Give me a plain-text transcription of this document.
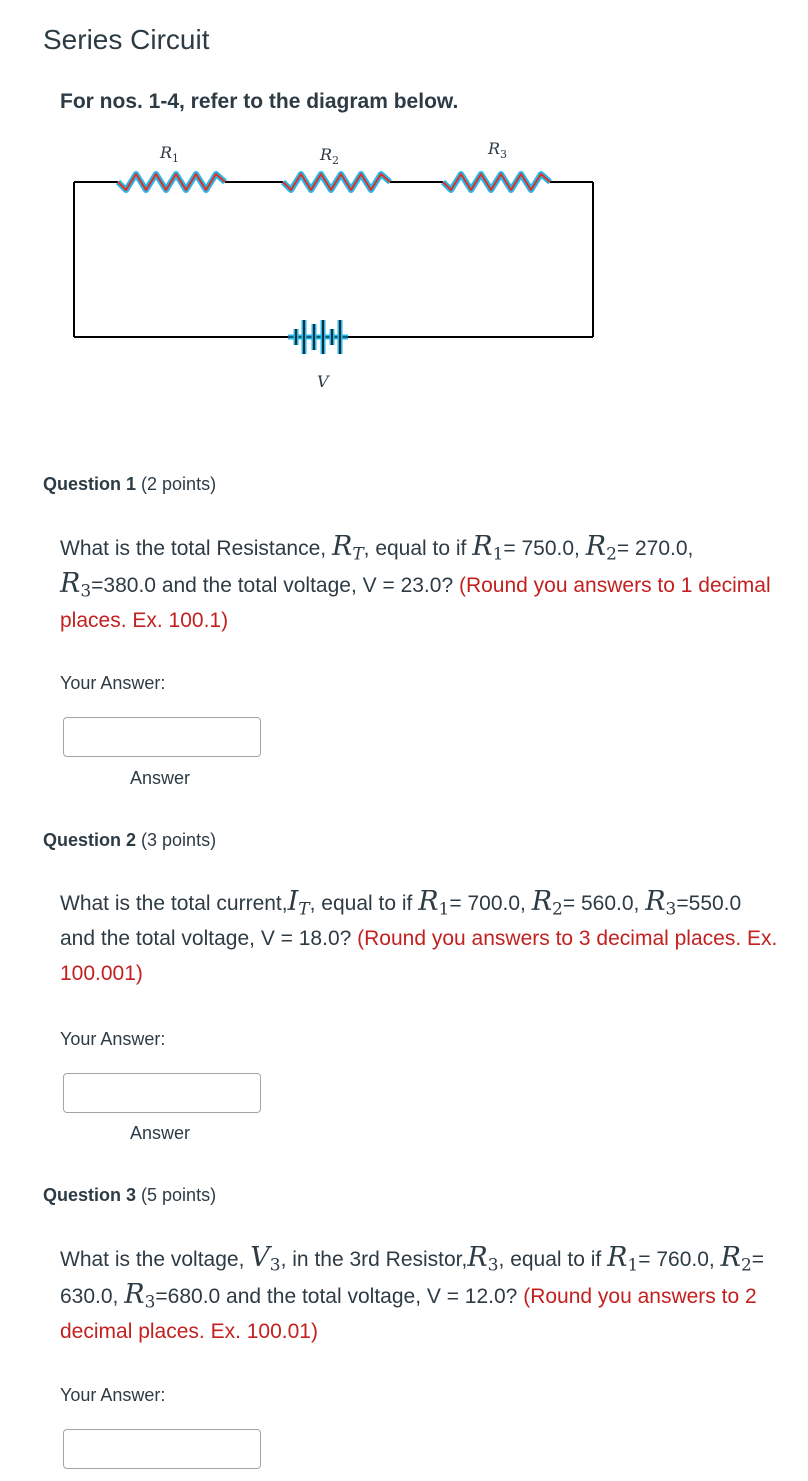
Series Circuit

For nos. 1-4, refer to the diagram below.

$R_1$	$R_2$
$R_3$
V
Question 1 (2 points)

What is the total Resistance, $R_T$, equal to if $R_1= 750.0$, $R_2= 270.0$, $R_3=380.0$ and the total voltage, V = 23.0? (Round you answers to 1 decimal places. Ex. 100.1)

Your Answer:
Answer
Question 2 (3 points)

What is the total $current,I_T$, equal to if $R_1= 700.0$, $R_2= 560.0$, $R_3=550.0$ and the total voltage, V = 18.0? (Round you answers to 3 decimal places. Ex. 100.001)

Your Answer:
Answer
Question 3 (5 points)

What is the voltage, $V_3$, in the 3rd $Resistor,R_3$, equal to if $R_1= 760.0$, $R_2= 630.0$, $R_3=680.0$ and the total voltage, V = 12.0? (Round you answers to 2 decimal places. Ex. 100.01)

Your Answer:
